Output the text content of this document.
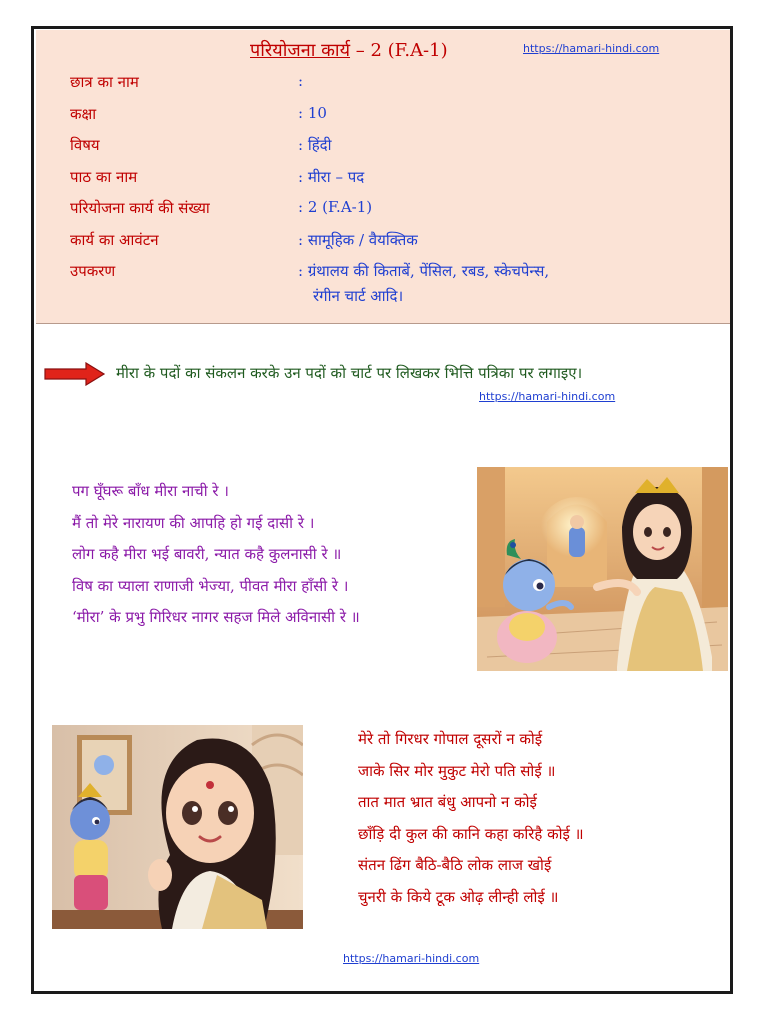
परियोजना कार्य – 2 (F.A-1)	https://hamari-hindi.com
छात्र का नाम	:
कक्षा	: 10
विषय	: हिंदी
पाठ का नाम	: मीरा – पद
परियोजना कार्य की संख्या	: 2 (F.A-1)
कार्य का आवंटन	: सामूहिक / वैयक्तिक
उपकरण	: ग्रंथालय की किताबें, पेंसिल, रबड, स्केचपेन्स,
रंगीन चार्ट आदि।
मीरा के पदों का संकलन करके उन पदों को चार्ट पर लिखकर भित्ति पत्रिका पर लगाइए।
https://hamari-hindi.com
पग घूँघरू बाँध मीरा नाची रे ।
मैं तो मेरे नारायण की आपहि हो गई दासी रे ।
लोग कहै मीरा भई बावरी, न्यात कहै कुलनासी रे ॥
विष का प्याला राणाजी भेज्या, पीवत मीरा हाँसी रे ।
‘मीरा’ के प्रभु गिरिधर नागर सहज मिले अविनासी रे ॥
मेरे तो गिरधर गोपाल दूसरों न कोई
जाके सिर मोर मुकुट मेरो पति सोई ॥
तात मात भ्रात बंधु आपनो न कोई
छाँड़ि दी कुल की कानि कहा करिहै कोई ॥
संतन ढिंग बैठि-बैठि लोक लाज खोई
चुनरी के किये टूक ओढ़ लीन्ही लोई ॥
https://hamari-hindi.com
